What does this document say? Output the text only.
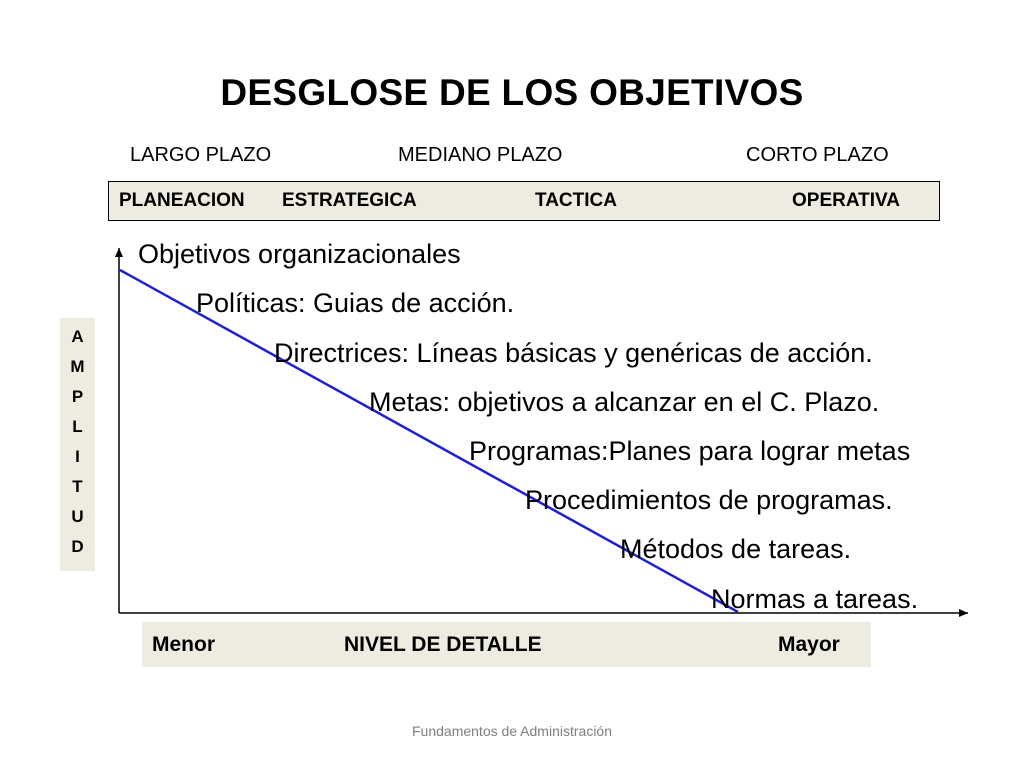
DESGLOSE DE LOS OBJETIVOS
LARGO PLAZO	MEDIANO PLAZO	CORTO PLAZO
PLANEACION ESTRATEGICA	TACTICA	OPERATIVA
Objetivos organizacionales
Políticas: Guias de acción.
Directrices: Líneas básicas y genéricas de acción.
Metas: objetivos a alcanzar en el C. Plazo.
Programas:Planes para lograr metas
Procedimientos de programas.
Métodos de tareas.
Normas a tareas.
A
M
P
L
I
T
U
D
Menor	NIVEL DE DETALLE	Mayor
Fundamentos de Administración
